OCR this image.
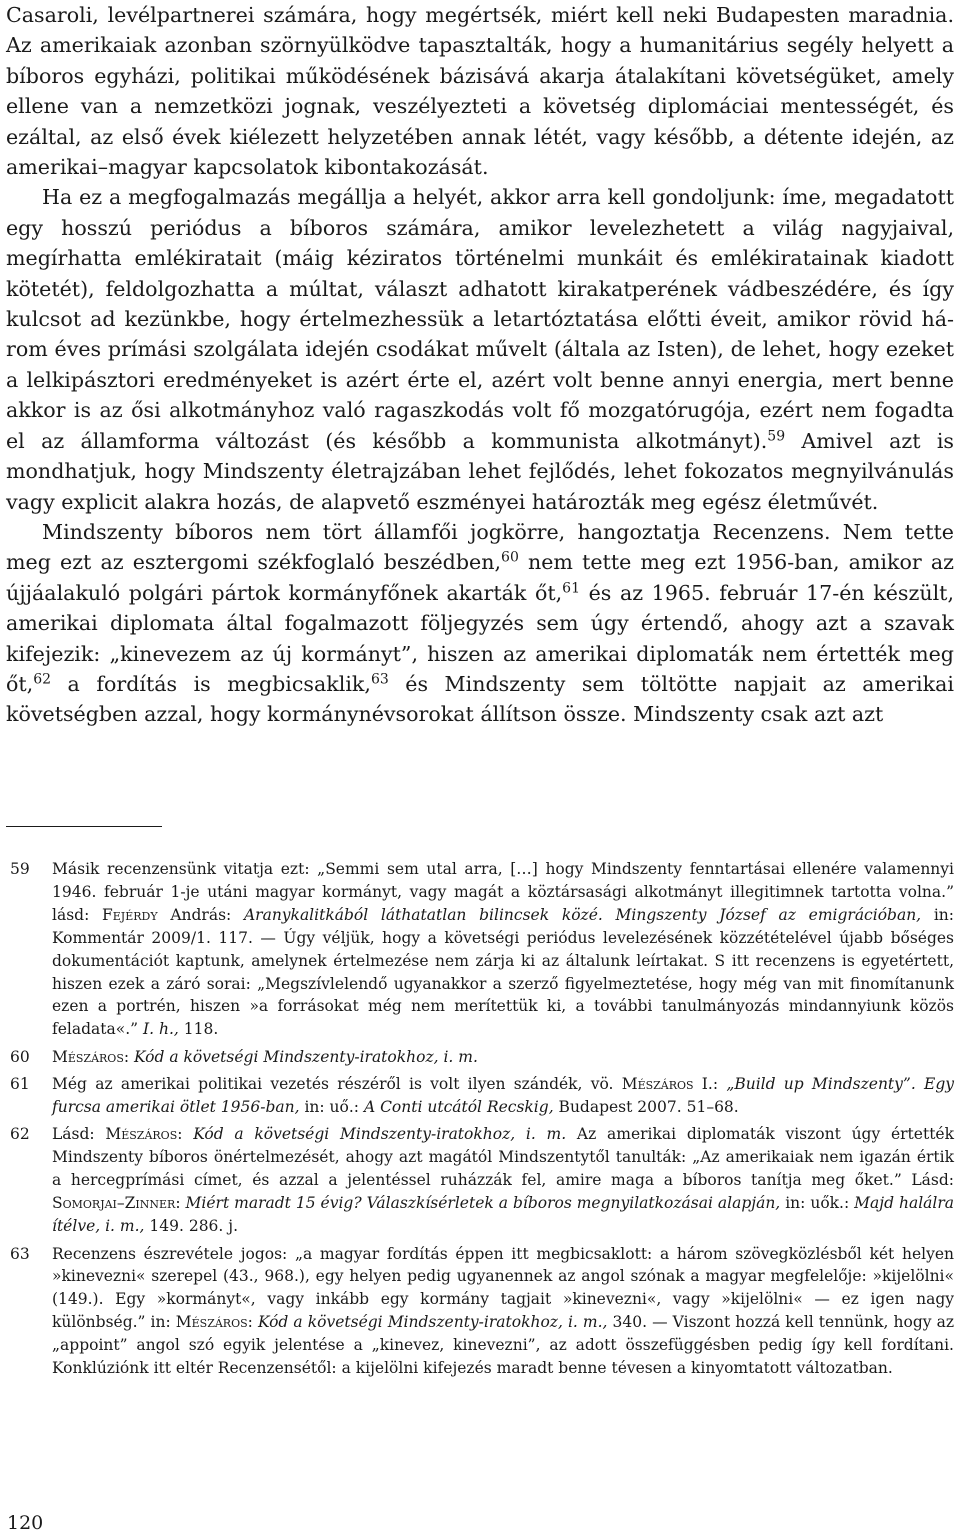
Casaroli, levélpartnerei számára, hogy megértsék, miért kell neki Budapesten maradnia. Az amerikaiak azonban szörnyülködve tapasztalták, hogy a humanitárius segély helyett a bíboros egyházi, politikai működésének bázisává akarja átalakítani követségüket, amely ellene van a nemzetközi jognak, veszélyezteti a követség diplomáciai mentességét, és ezáltal, az első évek kiélezett helyzetében annak létét, vagy később, a détente idején, az amerikai–magyar kapcsolatok kibontakozását.

Ha ez a megfogalmazás megállja a helyét, akkor arra kell gondoljunk: íme, megadatott egy hosszú periódus a bíboros számára, amikor levelezhetett a világ nagyjaival, megírhatta emlékiratait (máig kéziratos történelmi munkáit és emlékiratainak kiadott kötetét), feldolgozhatta a múltat, választ adhatott kirakatperének vádbeszédére, és így kulcsot ad kezünkbe, hogy értelmezhessük a letartóztatása előtti éveit, amikor rövid három éves prímási szolgálata idején csodákat művelt (általa az Isten), de lehet, hogy ezeket a lelkipásztori eredményeket is azért érte el, azért volt benne annyi energia, mert benne akkor is az ősi alkotmányhoz való ragaszkodás volt fő mozgatórugója, ezért nem fogadta el az államforma változást (és később a kommunista alkotmányt).$^{59}$ Amivel azt is mondhatjuk, hogy Mindszenty életrajzában lehet fejlődés, lehet fokozatos megnyilvánulás vagy explicit alakra hozás, de alapvető eszményei határozták meg egész életművét.

Mindszenty bíboros nem tört államfői jogkörre, hangoztatja Recenzens. Nem tette meg ezt az esztergomi székfoglaló beszédben,$^{60}$ nem tette meg ezt 1956-ban, amikor az újjáalakuló polgári pártok kormányfőnek akarták őt,$^{61}$ és az 1965. február 17-én készült, amerikai diplomata által fogalmazott följegyzés sem úgy értendő, ahogy azt a szavak kifejezik: „kinevezem az új kormányt”, hiszen az amerikai diplomaták nem értették meg őt,$^{62}$ a fordítás is megbicsaklik,$^{63}$ és Mindszenty sem töltötte napjait az amerikai követségben azzal, hogy kormánynévsorokat állítson össze. Mindszenty csak azt azt

59 Másik recenzensünk vitatja ezt: „Semmi sem utal arra, […] hogy Mindszenty fenntartásai ellenére valamennyi 1946. február 1-je utáni magyar kormányt, vagy magát a köztársasági alkotmányt illegitimnek tartotta volna.” lásd: Fejérdy András: Aranykalitkából láthatatlan bilincsek közé. Mingszenty József az emigrációban, in: Kommentár 2009/1. 117. — Úgy véljük, hogy a követségi periódus levelezésének közzétételével újabb bőséges dokumentációt kaptunk, amelynek értelmezése nem zárja ki az általunk leírtakat. S itt recenzens is egyetértett, hiszen ezek a záró sorai: „Megszívlelendő ugyanakkor a szerző figyelmeztetése, hogy még van mit finomítanunk ezen a portrén, hiszen »a forrásokat még nem merítettük ki, a további tanulmányozás mindannyiunk közös feladata«.” I. h., 118.
60 Mészáros: Kód a követségi Mindszenty-iratokhoz, i. m.
61 Még az amerikai politikai vezetés részéről is volt ilyen szándék, vö. Mészáros I.: „Build up Mindszenty”. Egy furcsa amerikai ötlet 1956-ban, in: uő.: A Conti utcától Recskig, Budapest 2007. 51–68.
62 Lásd: Mészáros: Kód a követségi Mindszenty-iratokhoz, i. m. Az amerikai diplomaták viszont úgy értették Mindszenty bíboros önértelmezését, ahogy azt magától Mindszentytől tanulták: „Az amerikaiak nem igazán értik a hercegprímási címet, és azzal a jelentéssel ruházzák fel, amire maga a bíboros tanítja meg őket.” Lásd: Somorjai–Zinner: Miért maradt 15 évig? Válaszkísérletek a bíboros megnyilatkozásai alapján, in: uők.: Majd halálra ítélve, i. m., 149. 286. j.
63 Recenzens észrevétele jogos: „a magyar fordítás éppen itt megbicsaklott: a három szövegközlésből két helyen »kinevezni« szerepel (43., 968.), egy helyen pedig ugyanennek az angol szónak a magyar megfelelője: »kijelölni« (149.). Egy »kormányt«, vagy inkább egy kormány tagjait »kinevezni«, vagy »kijelölni« — ez igen nagy különbség.” in: Mészáros: Kód a követségi Mindszenty-iratokhoz, i. m., 340. — Viszont hozzá kell tennünk, hogy az „appoint” angol szó egyik jelentése a „kinevez, kinevezni”, az adott összefüggésben pedig így kell fordítani. Konklúziónk itt eltér Recenzensétől: a kijelölni kifejezés maradt benne tévesen a kinyomtatott változatban.
120
